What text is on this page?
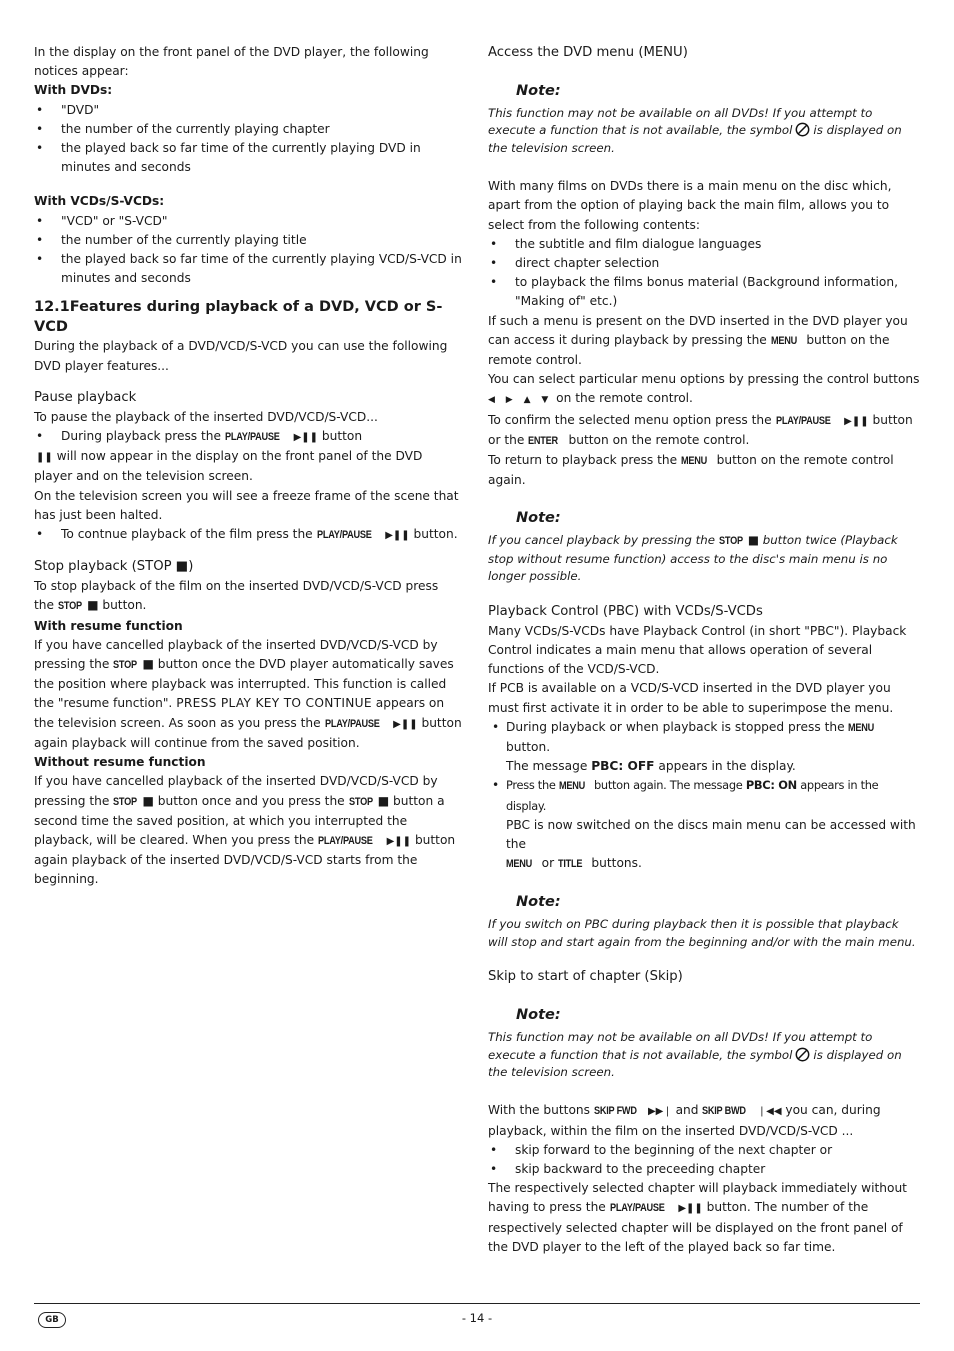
In the display on the front panel of the DVD player, the following notices appear:

With DVDs:

• "DVD"
• the number of the currently playing chapter
• the played back so far time of the currently playing DVD in minutes and seconds

With VCDs/S-VCDs:

• "VCD" or "S-VCD"
• the number of the currently playing title
• the played back so far time of the currently playing VCD/S-VCD in minutes and seconds

12.1Features during playback of a DVD, VCD or S-VCD

During the playback of a DVD/VCD/S-VCD you can use the following DVD player features...

Pause playback

To pause the playback of the inserted DVD/VCD/S-VCD...

• During playback press the PLAY/PAUSE ▶❚❚ button

❚❚ will now appear in the display on the front panel of the DVD player and on the television screen.

On the television screen you will see a freeze frame of the scene that has just been halted.

• To contnue playback of the film press the PLAY/PAUSE ▶❚❚ button.

Stop playback (STOP ■)

To stop playback of the film on the inserted DVD/VCD/S-VCD press the STOP ■ button.

With resume function

If you have cancelled playback of the inserted DVD/VCD/S-VCD by pressing the STOP ■ button once the DVD player automatically saves the position where playback was interrupted. This function is called the "resume function". PRESS PLAY KEY TO CONTINUE appears on the television screen. As soon as you press the PLAY/PAUSE ▶❚❚ button again playback will continue from the saved position.

Without resume function

If you have cancelled playback of the inserted DVD/VCD/S-VCD by pressing the STOP ■ button once and you press the STOP ■ button a second time the saved position, at which you interrupted the playback, will be cleared. When you press the PLAY/PAUSE ▶❚❚ button again playback of the inserted DVD/VCD/S-VCD starts from the beginning.

Access the DVD menu (MENU)

Note:

This function may not be available on all DVDs! If you attempt to execute a function that is not available, the symbol is displayed on the television screen.

With many films on DVDs there is a main menu on the disc which, apart from the option of playing back the main film, allows you to select from the following contents:

• the subtitle and film dialogue languages
• direct chapter selection
• to playback the films bonus material (Background information, "Making of" etc.)

If such a menu is present on the DVD inserted in the DVD player you can access it during playback by pressing the MENU button on the remote control.

You can select particular menu options by pressing the control buttons
◀ ▶ ▲ ▼ on the remote control.

To confirm the selected menu option press the PLAY/PAUSE ▶❚❚ button or the ENTER button on the remote control.

To return to playback press the MENU button on the remote control again.

Note:

If you cancel playback by pressing the STOP ■ button twice (Playback stop without resume function) access to the disc's main menu is no longer possible.

Playback Control (PBC) with VCDs/S-VCDs

Many VCDs/S-VCDs have Playback Control (in short "PBC"). Playback Control indicates a main menu that allows operation of several functions of the VCD/S-VCD.

If PCB is available on a VCD/S-VCD inserted in the DVD player you must first activate it in order to be able to superimpose the menu.

• During playback or when playback is stopped press the MENU button.
The message PBC: OFF appears in the display.
• Press the MENU button again. The message PBC: ON appears in the display.
PBC is now switched on the discs main menu can be accessed with the
MENU or TITLE buttons.

Note:

If you switch on PBC during playback then it is possible that playback will stop and start again from the beginning and/or with the main menu.

Skip to start of chapter (Skip)

Note:

This function may not be available on all DVDs! If you attempt to execute a function that is not available, the symbol is displayed on the television screen.

With the buttons SKIP FWD ▶▶❘ and SKIP BWD ❘◀◀ you can, during playback, within the film on the inserted DVD/VCD/S-VCD ...

• skip forward to the beginning of the next chapter or
• skip backward to the preceeding chapter

The respectively selected chapter will playback immediately without having to press the PLAY/PAUSE ▶❚❚ button. The number of the respectively selected chapter will be displayed on the front panel of the DVD player to the left of the played back so far time.

GB	- 14 -
